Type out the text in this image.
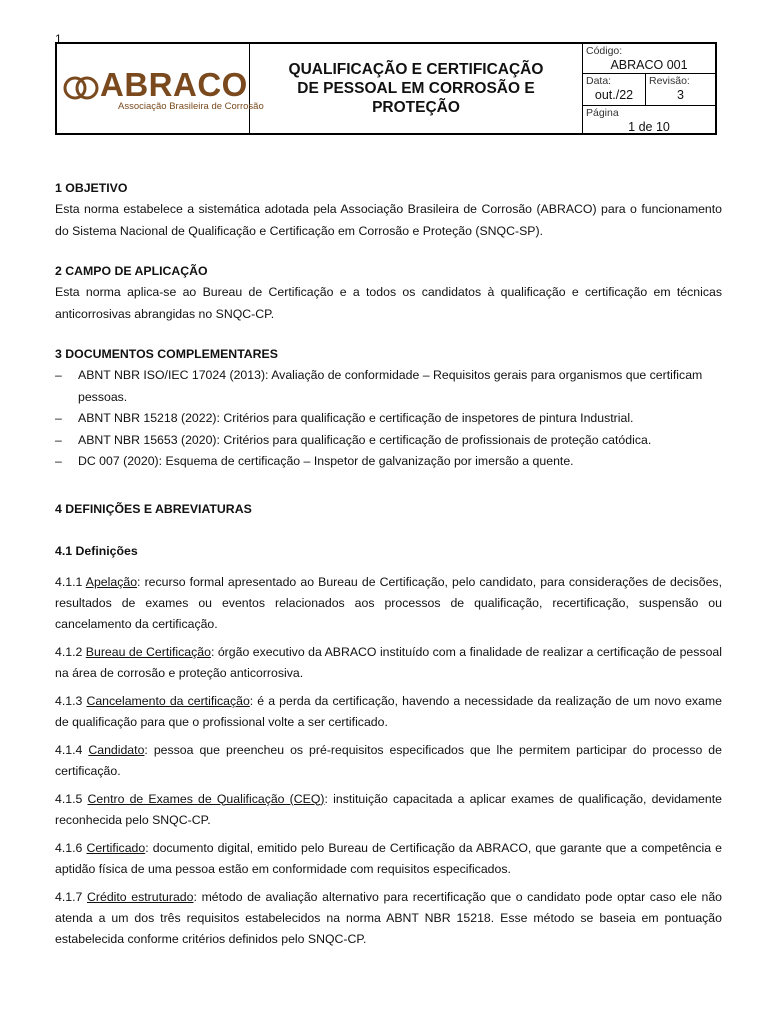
1
ABRACO
Associação Brasileira de Corrosão

QUALIFICAÇÃO E CERTIFICAÇÃO
DE PESSOAL EM CORROSÃO E
PROTEÇÃO

Código:
ABRACO 001
Data:
out./22
Revisão:
3
Página
1 de 10

1 OBJETIVO

Esta norma estabelece a sistemática adotada pela Associação Brasileira de Corrosão (ABRACO) para o funcionamento do Sistema Nacional de Qualificação e Certificação em Corrosão e Proteção (SNQC-SP).

2 CAMPO DE APLICAÇÃO

Esta norma aplica-se ao Bureau de Certificação e a todos os candidatos à qualificação e certificação em técnicas anticorrosivas abrangidas no SNQC-CP.

3 DOCUMENTOS COMPLEMENTARES

– ABNT NBR ISO/IEC 17024 (2013): Avaliação de conformidade – Requisitos gerais para organismos que certificam pessoas.
– ABNT NBR 15218 (2022): Critérios para qualificação e certificação de inspetores de pintura Industrial.
– ABNT NBR 15653 (2020): Critérios para qualificação e certificação de profissionais de proteção catódica.
– DC 007 (2020): Esquema de certificação – Inspetor de galvanização por imersão a quente.

4 DEFINIÇÕES E ABREVIATURAS

4.1 Definições

4.1.1 Apelação: recurso formal apresentado ao Bureau de Certificação, pelo candidato, para considerações de decisões, resultados de exames ou eventos relacionados aos processos de qualificação, recertificação, suspensão ou cancelamento da certificação.

4.1.2 Bureau de Certificação: órgão executivo da ABRACO instituído com a finalidade de realizar a certificação de pessoal na área de corrosão e proteção anticorrosiva.

4.1.3 Cancelamento da certificação: é a perda da certificação, havendo a necessidade da realização de um novo exame de qualificação para que o profissional volte a ser certificado.

4.1.4 Candidato: pessoa que preencheu os pré-requisitos especificados que lhe permitem participar do processo de certificação.

4.1.5 Centro de Exames de Qualificação (CEQ): instituição capacitada a aplicar exames de qualificação, devidamente reconhecida pelo SNQC-CP.

4.1.6 Certificado: documento digital, emitido pelo Bureau de Certificação da ABRACO, que garante que a competência e aptidão física de uma pessoa estão em conformidade com requisitos especificados.

4.1.7 Crédito estruturado: método de avaliação alternativo para recertificação que o candidato pode optar caso ele não atenda a um dos três requisitos estabelecidos na norma ABNT NBR 15218. Esse método se baseia em pontuação estabelecida conforme critérios definidos pelo SNQC-CP.
